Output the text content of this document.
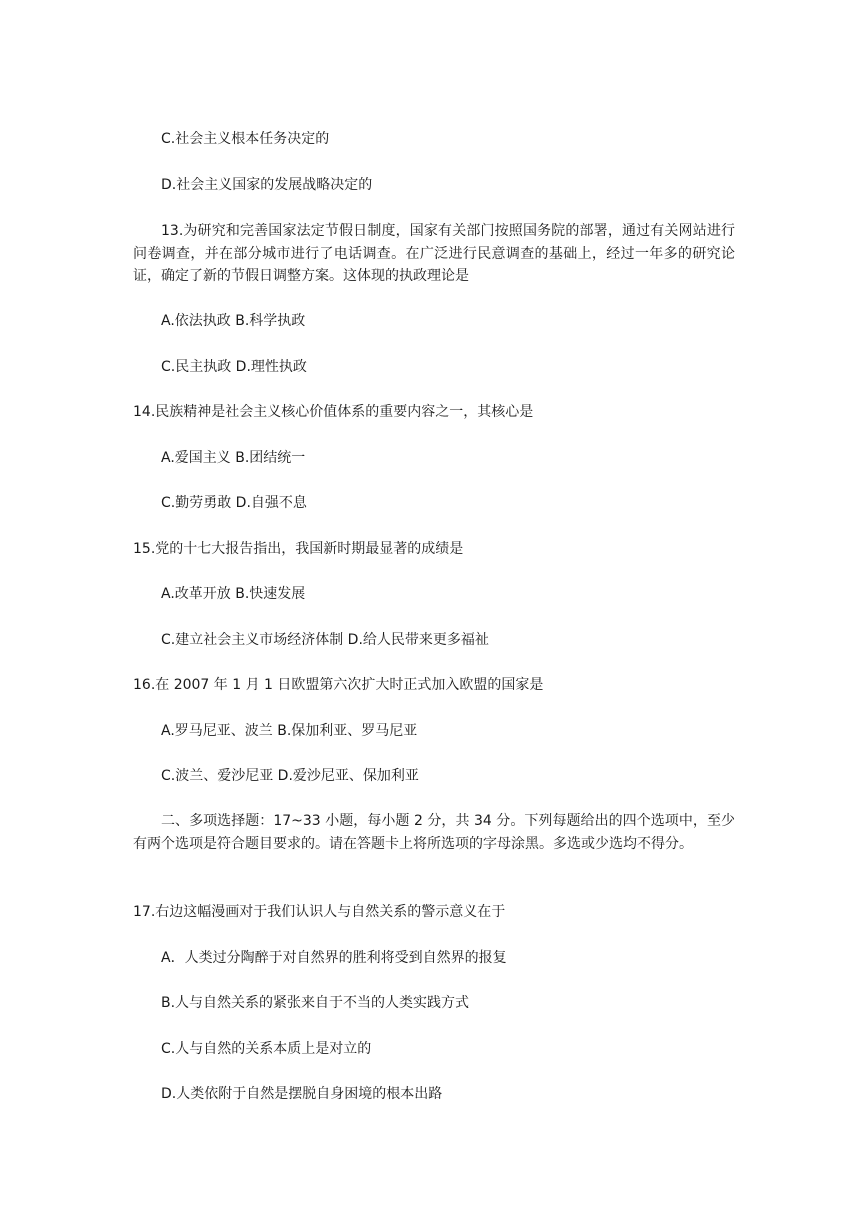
C.社会主义根本任务决定的
D.社会主义国家的发展战略决定的
13.为研究和完善国家法定节假日制度，国家有关部门按照国务院的部署，通过有关网站进行问卷调查，并在部分城市进行了电话调查。在广泛进行民意调查的基础上，经过一年多的研究论证，确定了新的节假日调整方案。这体现的执政理论是
A.依法执政 B.科学执政
C.民主执政 D.理性执政
14.民族精神是社会主义核心价值体系的重要内容之一，其核心是
A.爱国主义 B.团结统一
C.勤劳勇敢 D.自强不息
15.党的十七大报告指出，我国新时期最显著的成绩是
A.改革开放 B.快速发展
C.建立社会主义市场经济体制 D.给人民带来更多福祉
16.在 2007 年 1 月 1 日欧盟第六次扩大时正式加入欧盟的国家是
A.罗马尼亚、波兰 B.保加利亚、罗马尼亚
C.波兰、爱沙尼亚 D.爱沙尼亚、保加利亚
二、多项选择题：17~33 小题，每小题 2 分，共 34 分。下列每题给出的四个选项中，至少有两个选项是符合题目要求的。请在答题卡上将所选项的字母涂黑。多选或少选均不得分。
17.右边这幅漫画对于我们认识人与自然关系的警示意义在于
A．人类过分陶醉于对自然界的胜利将受到自然界的报复
B.人与自然关系的紧张来自于不当的人类实践方式
C.人与自然的关系本质上是对立的
D.人类依附于自然是摆脱自身困境的根本出路
